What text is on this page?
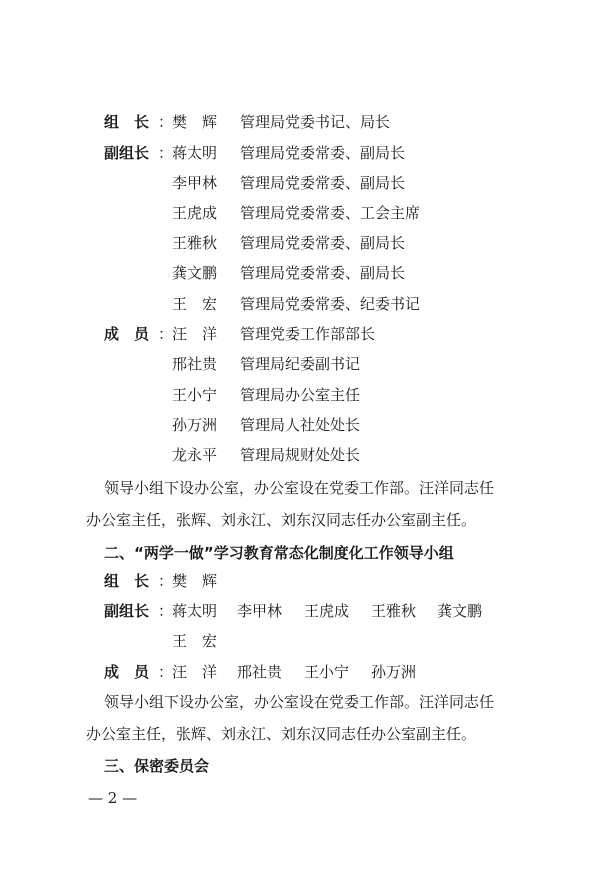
组　长 ：
樊辉 管理局党委书记、局长
副组长 ：
蒋太明 管理局党委常委、副局长
李甲林 管理局党委常委、副局长
王虎成 管理局党委常委、工会主席
王雅秋 管理局党委常委、副局长
龚文鹏 管理局党委常委、副局长
王宏 管理局党委常委、纪委书记
成　员 ：
汪洋 管理党委工作部部长
邢社贵 管理局纪委副书记
王小宁 管理局办公室主任
孙万洲 管理局人社处处长
龙永平 管理局规财处处长
领导小组下设办公室，办公室设在党委工作部。汪洋同志任
办公室主任，张辉、刘永江、刘东汉同志任办公室副主任。
二、“两学一做”学习教育常态化制度化工作领导小组
组　长 ：
樊辉
副组长 ：
蒋太明 李甲林 王虎成 王雅秋 龚文鹏
王宏
成　员 ：
汪洋 邢社贵 王小宁 孙万洲
领导小组下设办公室，办公室设在党委工作部。汪洋同志任
办公室主任，张辉、刘永江、刘东汉同志任办公室副主任。
三、保密委员会
— 2 —
